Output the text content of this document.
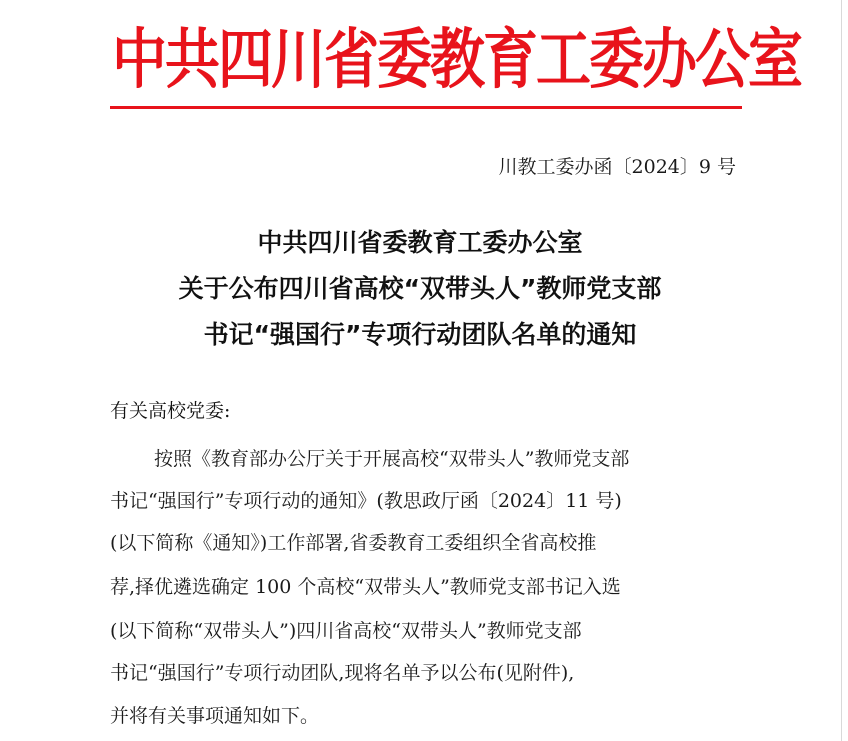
中共四川省委教育工委办公室
川教工委办函〔2024〕9 号
中共四川省委教育工委办公室
关于公布四川省高校“双带头人”教师党支部
书记“强国行”专项行动团队名单的通知
有关高校党委:
按照《教育部办公厅关于开展高校“双带头人”教师党支部
书记“强国行”专项行动的通知》(教思政厅函〔2024〕11 号)
(以下简称《通知》)工作部署,省委教育工委组织全省高校推
荐,择优遴选确定 100 个高校“双带头人”教师党支部书记入选
(以下简称“双带头人”)四川省高校“双带头人”教师党支部
书记“强国行”专项行动团队,现将名单予以公布(见附件),
并将有关事项通知如下。
